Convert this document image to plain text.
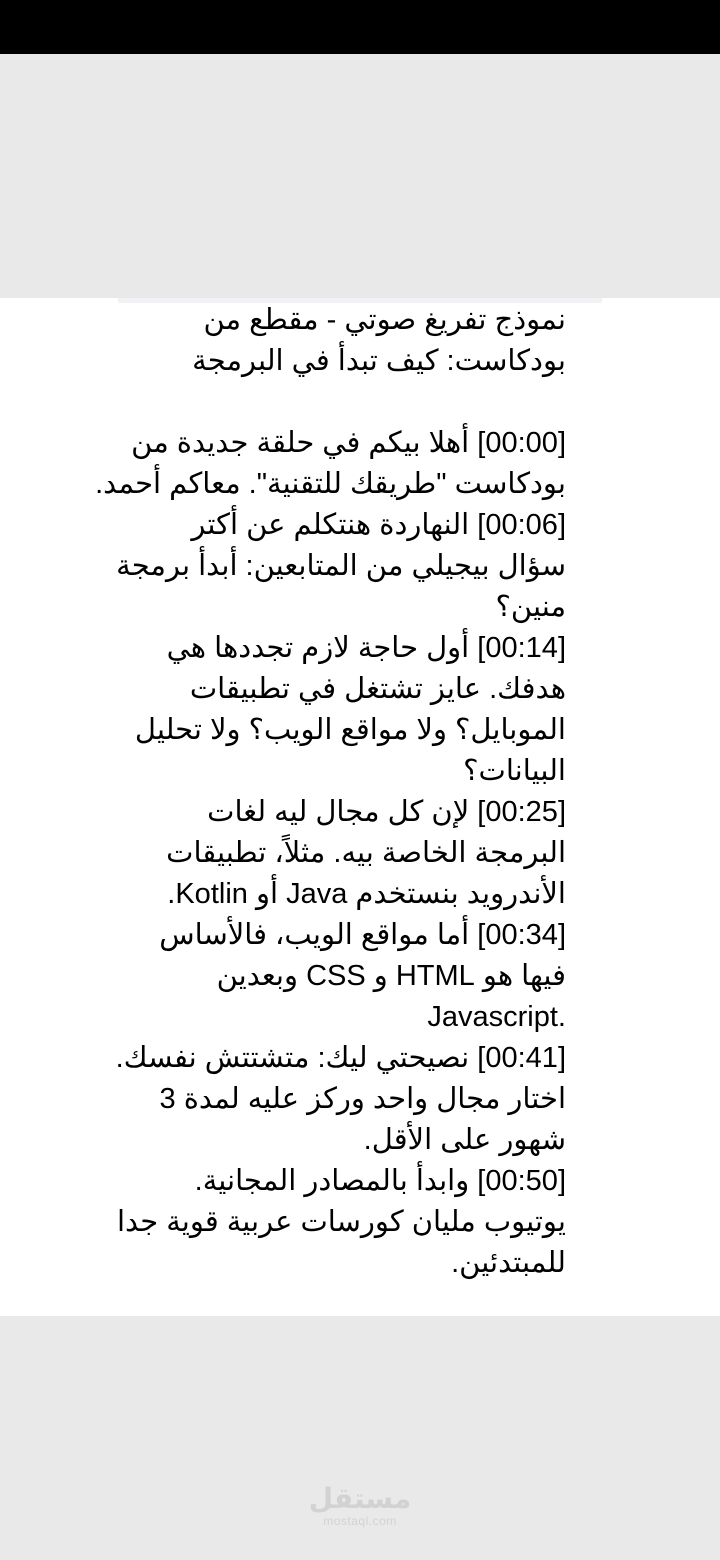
نموذج تفريغ صوتي - مقطع من
بودكاست: كيف تبدأ في البرمجة
[00:00] أهلا بيكم في حلقة جديدة من
بودكاست "طريقك للتقنية". معاكم أحمد.
[00:06] النهاردة هنتكلم عن أكتر
سؤال بيجيلي من المتابعين: أبدأ برمجة
منين؟
[00:14] أول حاجة لازم تجددها هي
هدفك. عايز تشتغل في تطبيقات
الموبايل؟ ولا مواقع الويب؟ ولا تحليل
البيانات؟
[00:25] لإن كل مجال ليه لغات
البرمجة الخاصة بيه. مثلاً، تطبيقات
الأندرويد بنستخدم Java أو Kotlin.
[00:34] أما مواقع الويب، فالأساس
فيها هو HTML و CSS وبعدين
Javascript.
[00:41] نصيحتي ليك: متشتتش نفسك.
اختار مجال واحد وركز عليه لمدة 3
شهور على الأقل.
[00:50] وابدأ بالمصادر المجانية.
يوتيوب مليان كورسات عربية قوية جدا
للمبتدئين.
مستقل
mostaql.com
